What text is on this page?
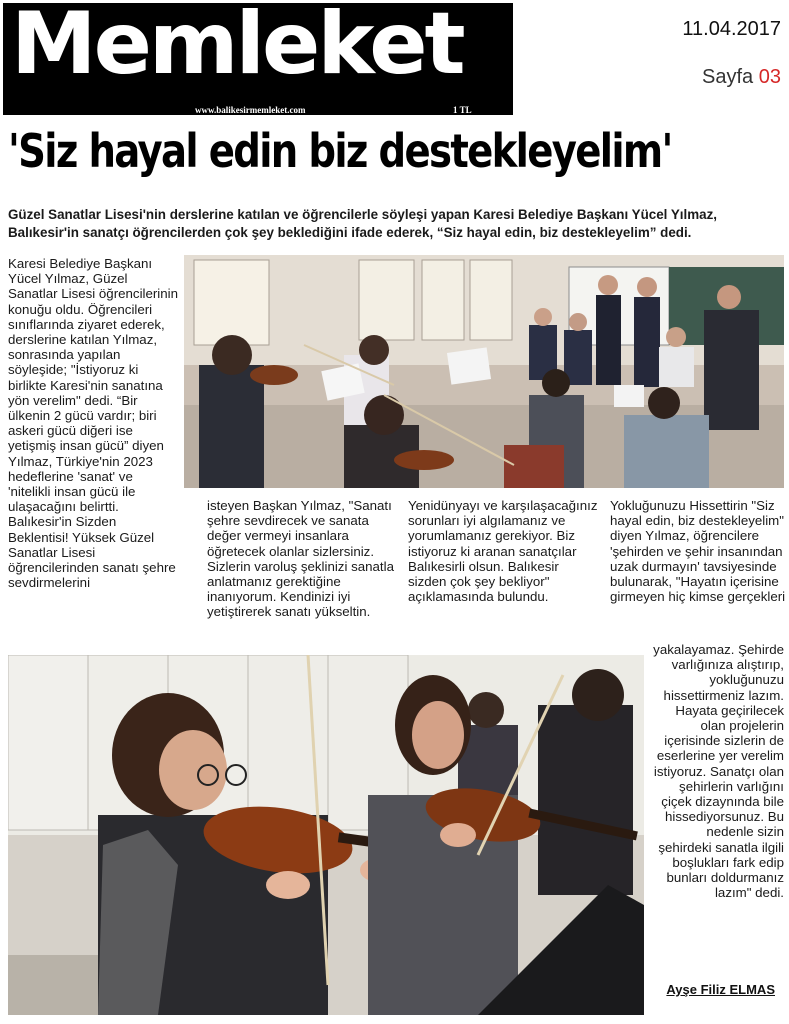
Memleket
www.balikesirmemleket.com	1 TL
11.04.2017
Sayfa 03
'Siz hayal edin biz destekleyelim'

Güzel Sanatlar Lisesi'nin derslerine katılan ve öğrencilerle söyleşi yapan Karesi Belediye Başkanı Yücel Yılmaz, Balıkesir'in sanatçı öğrencilerden çok şey beklediğini ifade ederek, “Siz hayal edin, biz destekleyelim” dedi.

Karesi Belediye Başkanı Yücel Yılmaz, Güzel Sanatlar Lisesi öğrencilerinin konuğu oldu. Öğrencileri sınıflarında ziyaret ederek, derslerine katılan Yılmaz, sonrasında yapılan söyleşide; "İstiyoruz ki birlikte Karesi'nin sanatına yön verelim" dedi. “Bir ülkenin 2 gücü vardır; biri askeri gücü diğeri ise yetişmiş insan gücü” diyen Yılmaz, Türkiye'nin 2023 hedeflerine 'sanat' ve 'nitelikli insan gücü ile ulaşacağını belirtti. Balıkesir'in Sizden Beklentisi! Yüksek Güzel Sanatlar Lisesi öğrencilerinden sanatı şehre sevdirmelerini

isteyen Başkan Yılmaz, "Sanatı şehre sevdirecek ve sanata değer vermeyi insanlara öğretecek olanlar sizlersiniz. Sizlerin varoluş şeklinizi sanatla anlatmanız gerektiğine inanıyorum. Kendinizi iyi yetiştirerek sanatı yükseltin.

Yenidünyayı ve karşılaşacağınız sorunları iyi algılamanız ve yorumlamanız gerekiyor. Biz istiyoruz ki aranan sanatçılar Balıkesirli olsun. Balıkesir sizden çok şey bekliyor" açıklamasında bulundu.

Yokluğunuzu Hissettirin "Siz hayal edin, biz destekleyelim" diyen Yılmaz, öğrencilere 'şehirden ve şehir insanından uzak durmayın' tavsiyesinde bulunarak, "Hayatın içerisine girmeyen hiç kimse gerçekleri

yakalayamaz. Şehirde varlığınıza alıştırıp, yokluğunuzu hissettirmeniz lazım. Hayata geçirilecek olan projelerin içerisinde sizlerin de eserlerine yer verelim istiyoruz. Sanatçı olan şehirlerin varlığını çiçek dizaynında bile hissediyorsunuz. Bu nedenle sizin şehirdeki sanatla ilgili boşlukları fark edip bunları doldurmanız lazım" dedi.

Ayşe Filiz ELMAS
